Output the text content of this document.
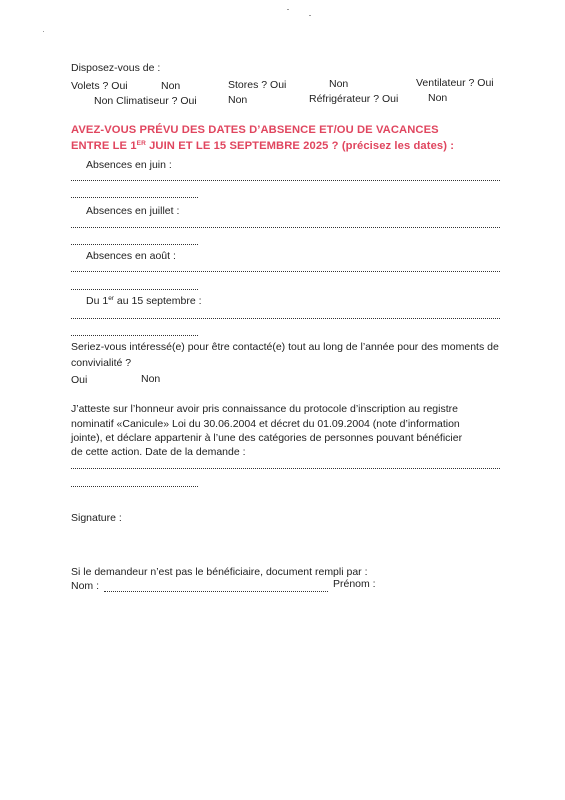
Disposez-vous de :
Volets ? Oui	Non	Stores ? Oui	Non	Ventilateur ? Oui
Non Climatiseur ? Oui	Non	Réfrigérateur ? Oui	Non
AVEZ-VOUS PRÉVU DES DATES D’ABSENCE ET/OU DE VACANCES
ENTRE LE 1ER JUIN ET LE 15 SEPTEMBRE 2025 ? (précisez les dates) :
Absences en juin :
Absences en juillet :
Absences en août :
Du 1er au 15 septembre :
Seriez-vous intéressé(e) pour être contacté(e) tout au long de l’année pour des moments de
convivialité ?
Oui	Non
J’atteste sur l’honneur avoir pris connaissance du protocole d’inscription au registre
nominatif «Canicule» Loi du 30.06.2004 et décret du 01.09.2004 (note d’information
jointe), et déclare appartenir à l’une des catégories de personnes pouvant bénéficier
de cette action. Date de la demande :
Signature :
Si le demandeur n’est pas le bénéficiaire, document rempli par :
Nom :	Prénom :
